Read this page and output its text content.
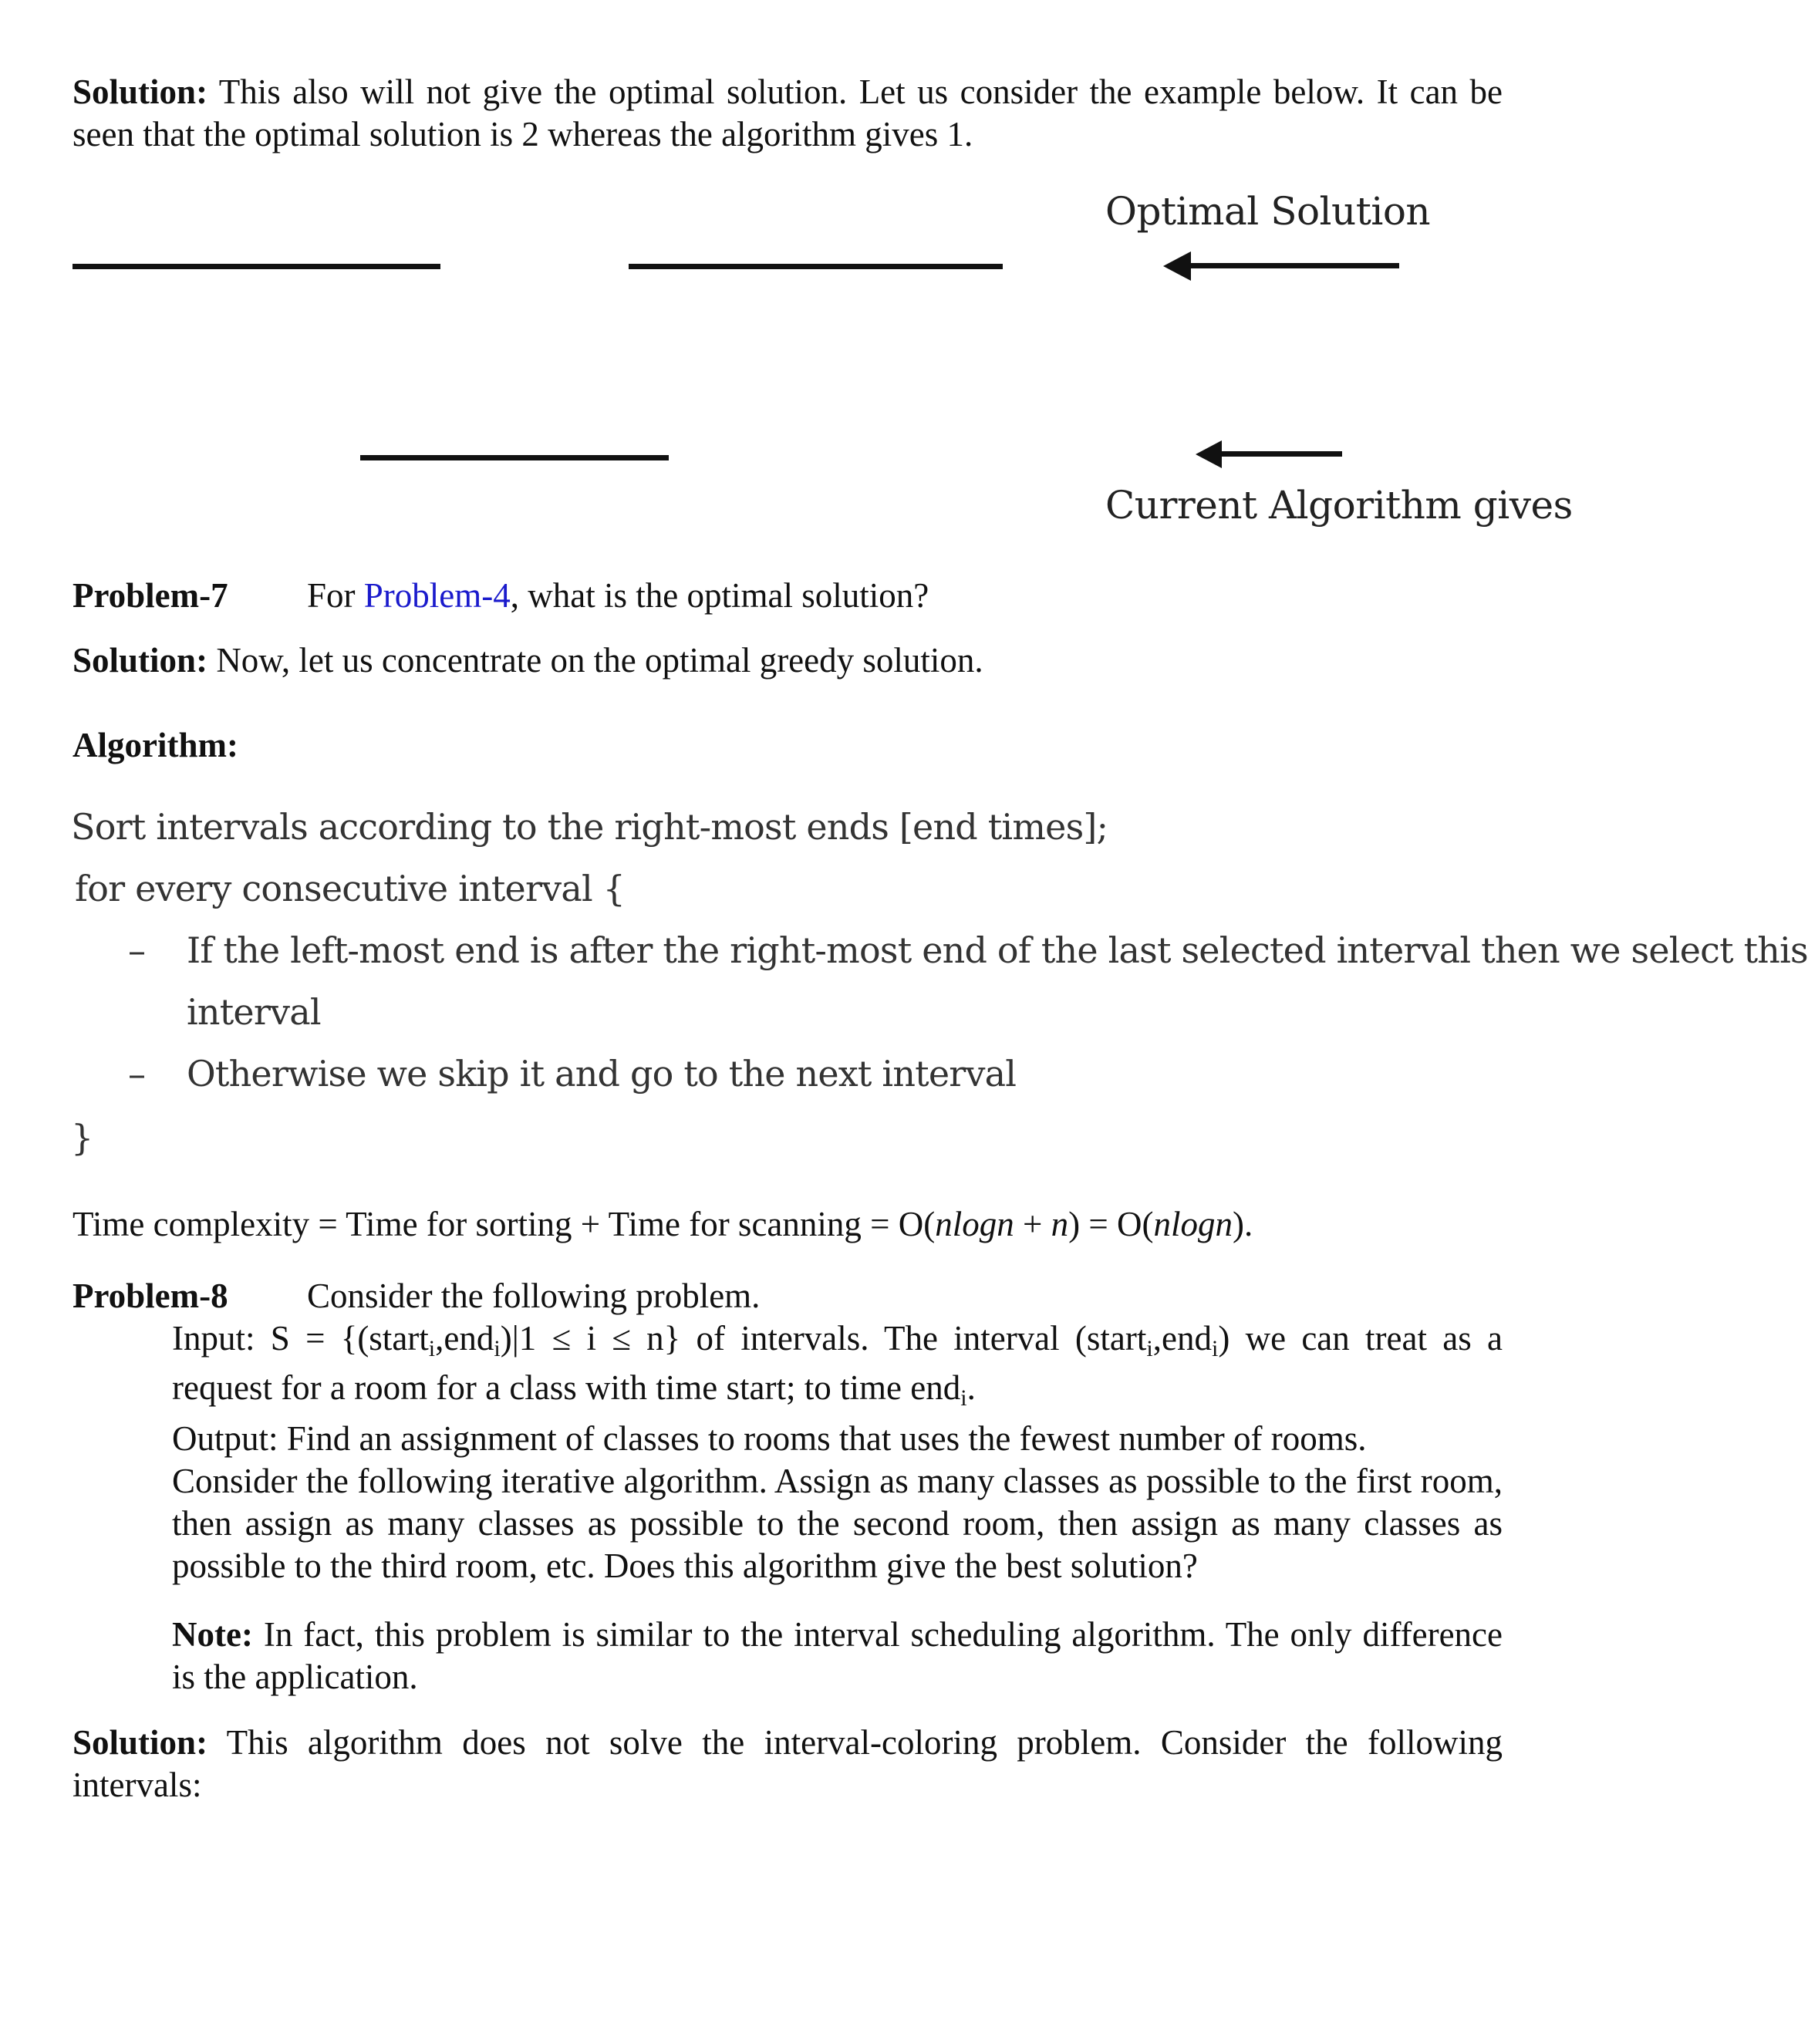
Solution: This also will not give the optimal solution. Let us consider the example below. It can be seen that the optimal solution is 2 whereas the algorithm gives 1.
Optimal Solution
Current Algorithm gives
Problem-7 For Problem-4, what is the optimal solution?
Solution: Now, let us concentrate on the optimal greedy solution.
Algorithm:
Sort intervals according to the right-most ends [end times];
for every consecutive interval {
– If the left-most end is after the right-most end of the last selected interval then we select this
interval
– Otherwise we skip it and go to the next interval
}
Time complexity = Time for sorting + Time for scanning = O(nlogn + n) = O(nlogn).
Problem-8 Consider the following problem.
Input: S = {(start$_i$,end$_i$)|1 ≤ i ≤ n} of intervals. The interval (start$_i$,end$_i$) we can treat as a
request for a room for a class with time start; to time end$_i$.
Output: Find an assignment of classes to rooms that uses the fewest number of rooms.
Consider the following iterative algorithm. Assign as many classes as possible to the first room, then assign as many classes as possible to the second room, then assign as many classes as possible to the third room, etc. Does this algorithm give the best solution?
Note: In fact, this problem is similar to the interval scheduling algorithm. The only difference is the application.
Solution: This algorithm does not solve the interval-coloring problem. Consider the following intervals:
